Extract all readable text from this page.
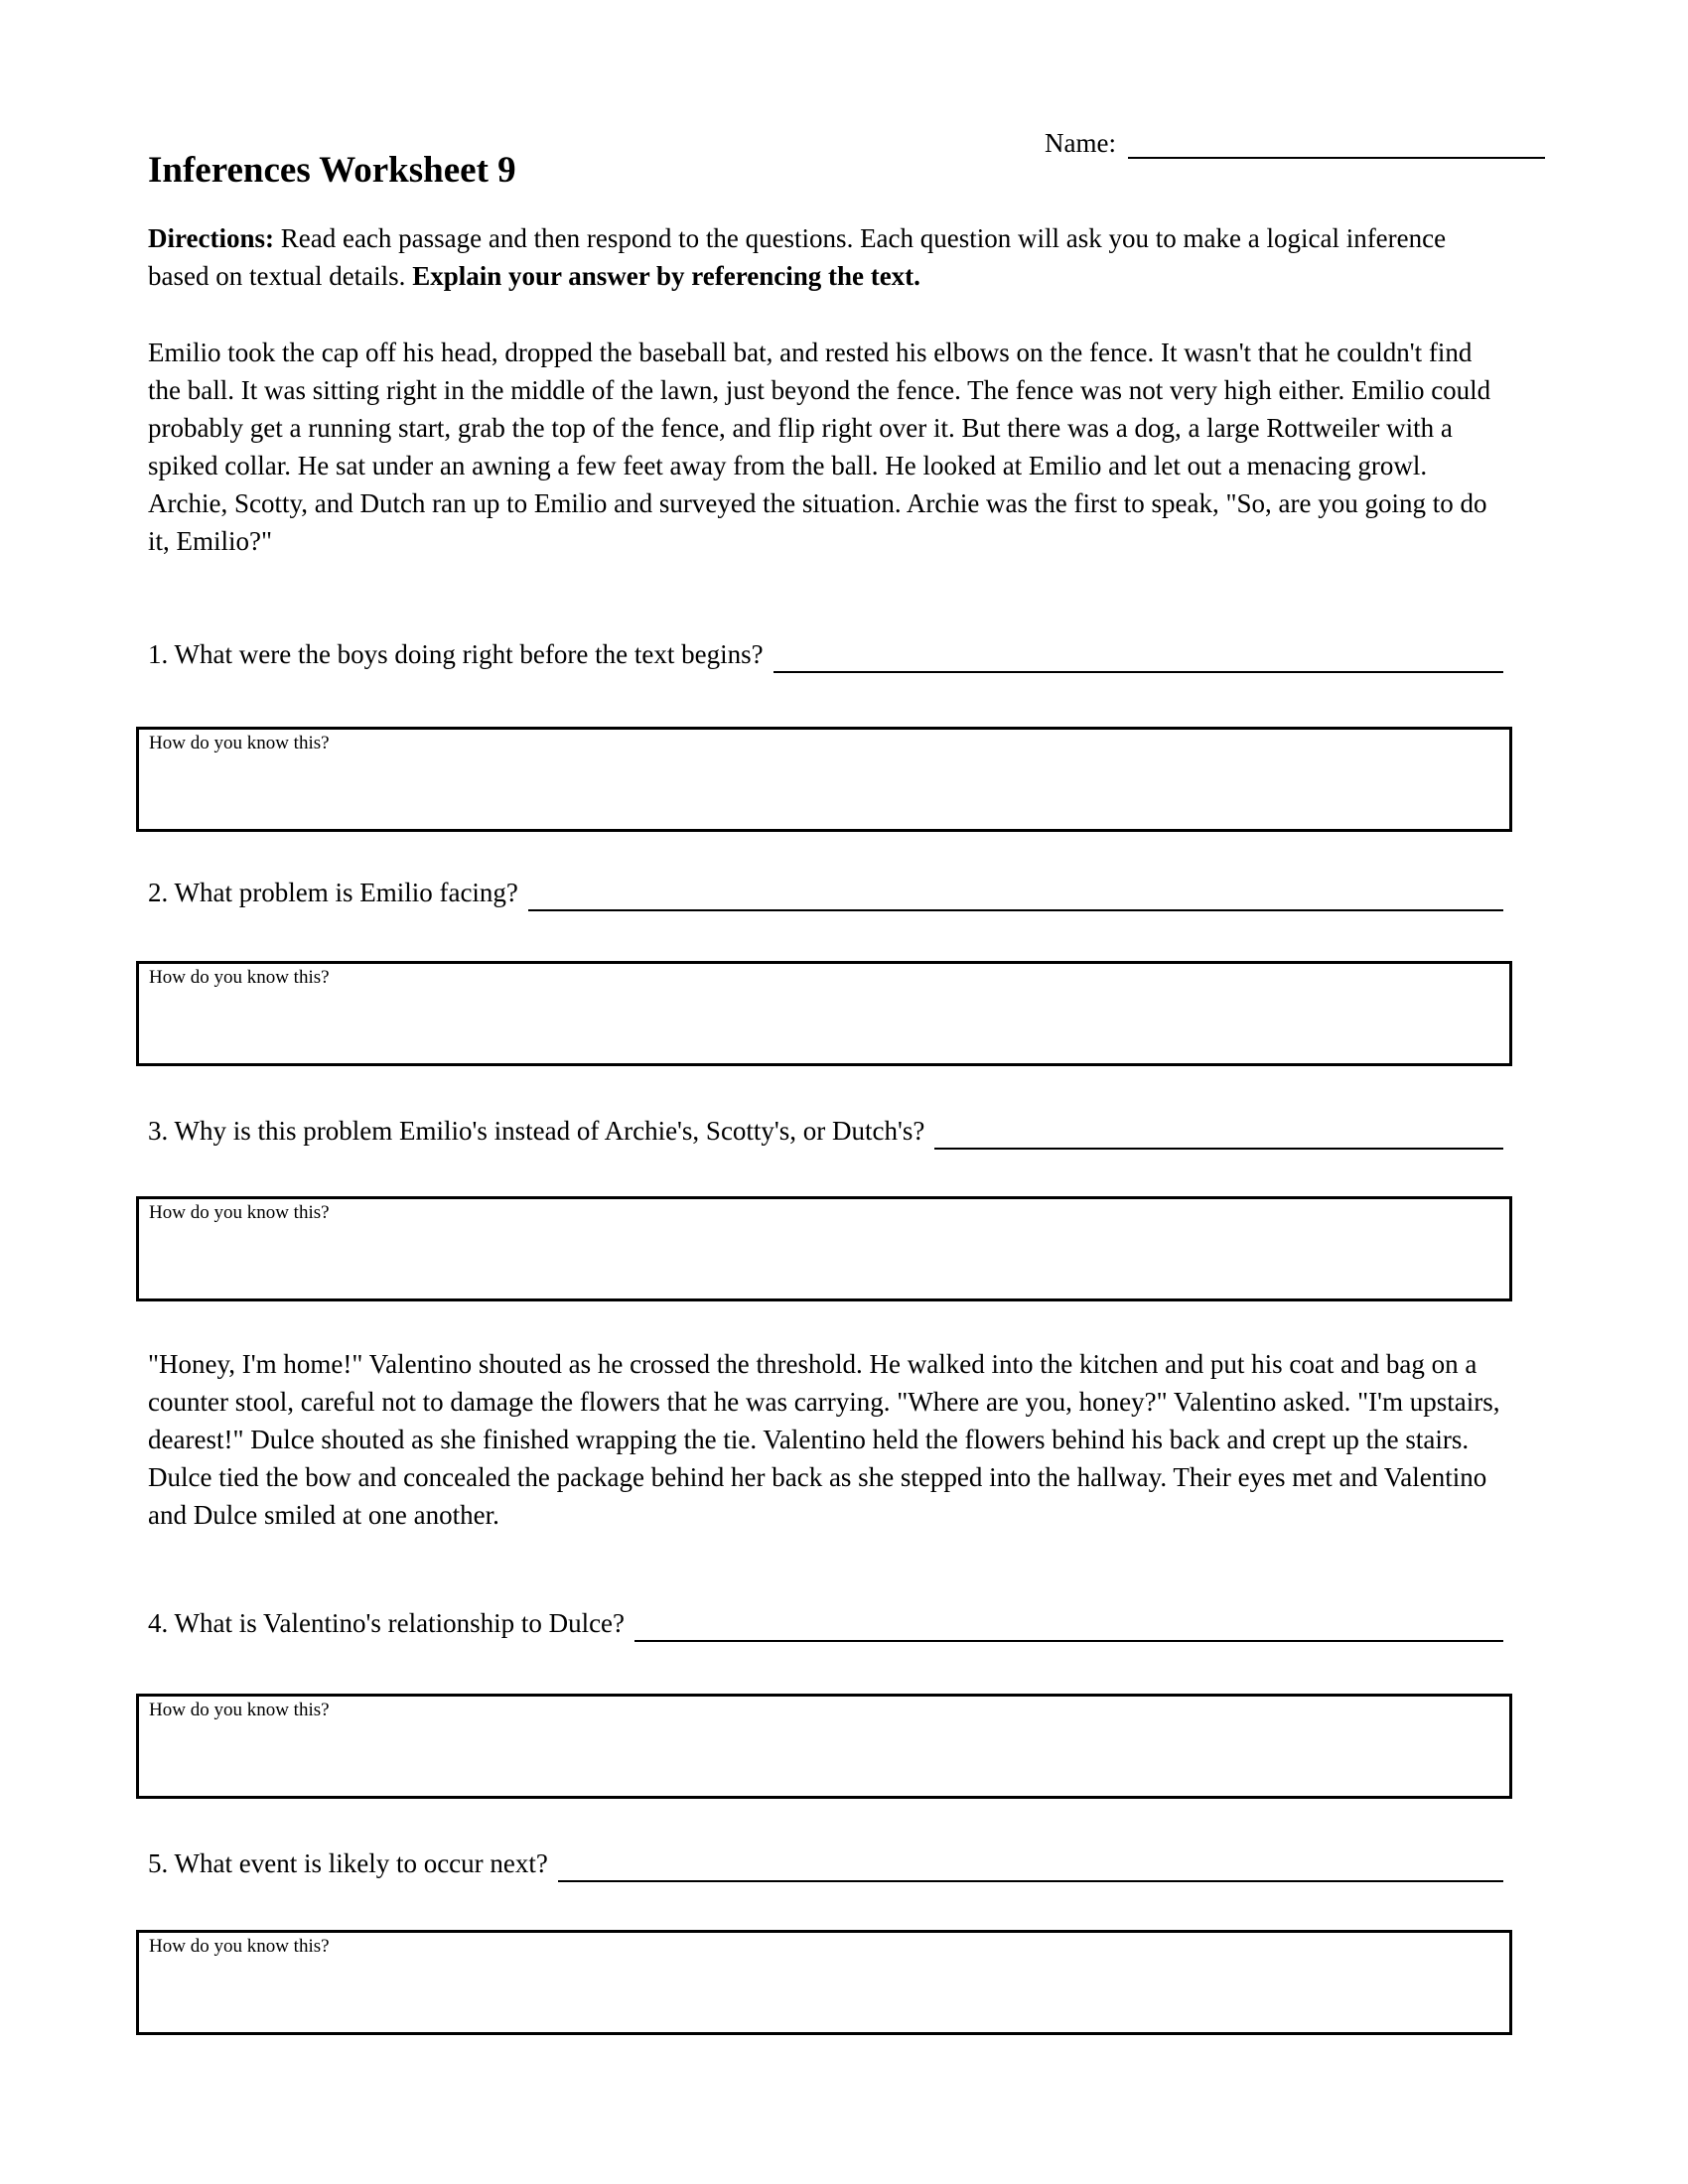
Name:
Inferences Worksheet 9

Directions: Read each passage and then respond to the questions. Each question will ask you to make a logical inference based on textual details. Explain your answer by referencing the text.

Emilio took the cap off his head, dropped the baseball bat, and rested his elbows on the fence. It wasn't that he couldn't find the ball. It was sitting right in the middle of the lawn, just beyond the fence. The fence was not very high either. Emilio could probably get a running start, grab the top of the fence, and flip right over it. But there was a dog, a large Rottweiler with a spiked collar. He sat under an awning a few feet away from the ball. He looked at Emilio and let out a menacing growl. Archie, Scotty, and Dutch ran up to Emilio and surveyed the situation. Archie was the first to speak, "So, are you going to do it, Emilio?"

1. What were the boys doing right before the text begins?
How do you know this?
2. What problem is Emilio facing?
How do you know this?
3. Why is this problem Emilio's instead of Archie's, Scotty's, or Dutch's?
How do you know this?

"Honey, I'm home!" Valentino shouted as he crossed the threshold. He walked into the kitchen and put his coat and bag on a counter stool, careful not to damage the flowers that he was carrying. "Where are you, honey?" Valentino asked. "I'm upstairs, dearest!" Dulce shouted as she finished wrapping the tie. Valentino held the flowers behind his back and crept up the stairs. Dulce tied the bow and concealed the package behind her back as she stepped into the hallway. Their eyes met and Valentino and Dulce smiled at one another.

4. What is Valentino's relationship to Dulce?
How do you know this?
5. What event is likely to occur next?
How do you know this?
